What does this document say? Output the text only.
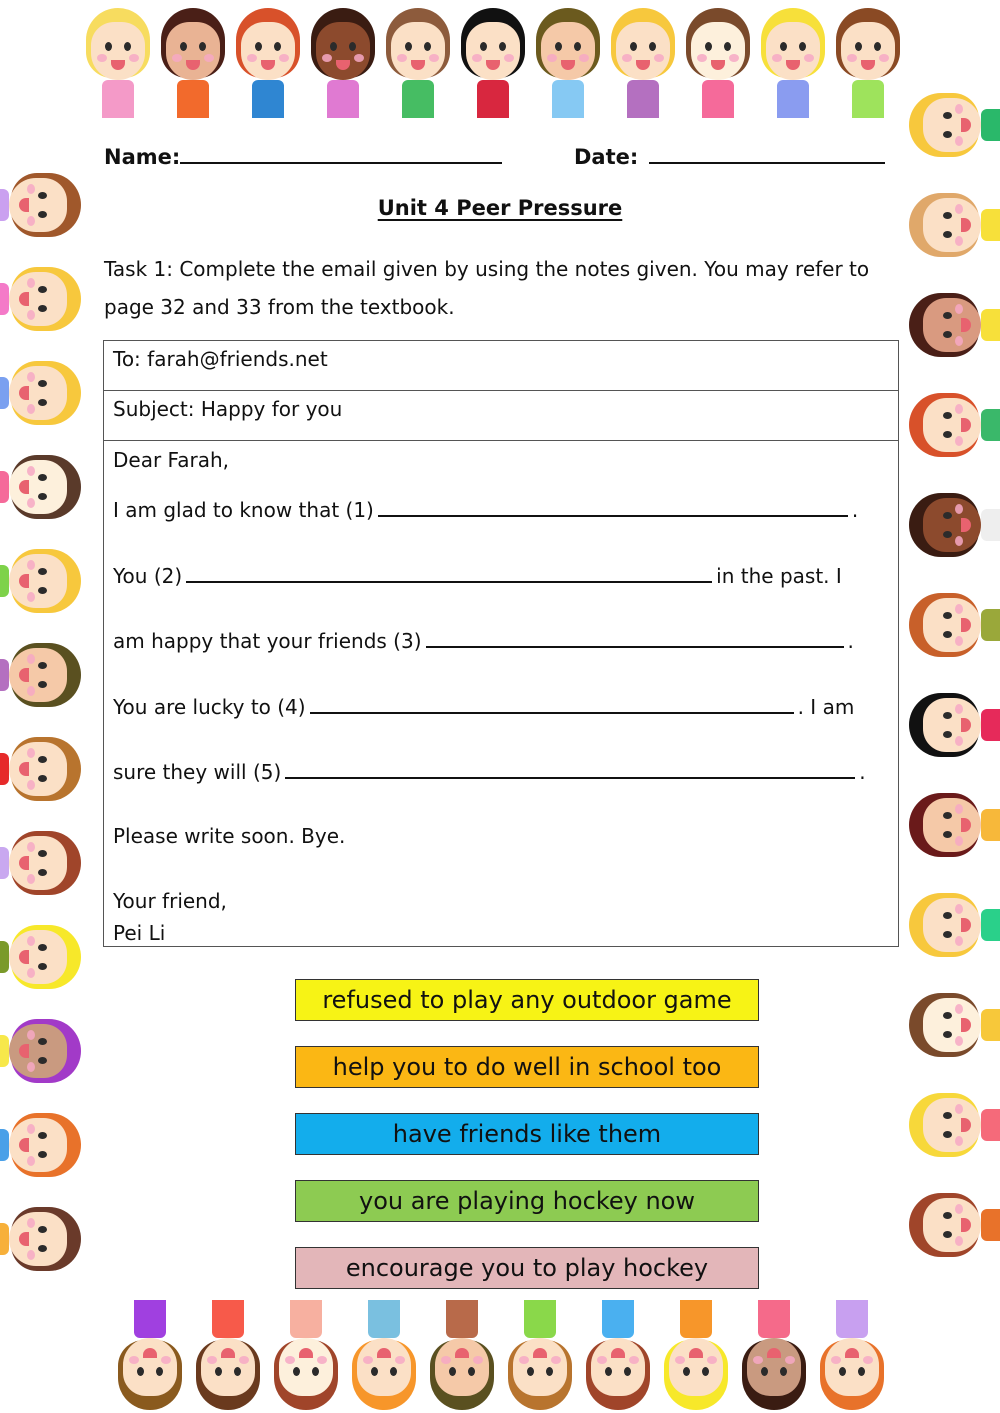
Name:	Date:
Unit 4 Peer Pressure
Task 1: Complete the email given by using the notes given. You may refer to page 32 and 33 from the textbook.
To: farah@friends.net
Subject: Happy for you
Dear Farah,
I am glad to know that (1)	.
You (2)	in the past. I
am happy that your friends (3)	.
You are lucky to (4)	. I am
sure they will (5)	.
Please write soon. Bye.
Your friend,
Pei Li
refused to play any outdoor game
help you to do well in school too
have friends like them
you are playing hockey now
encourage you to play hockey
